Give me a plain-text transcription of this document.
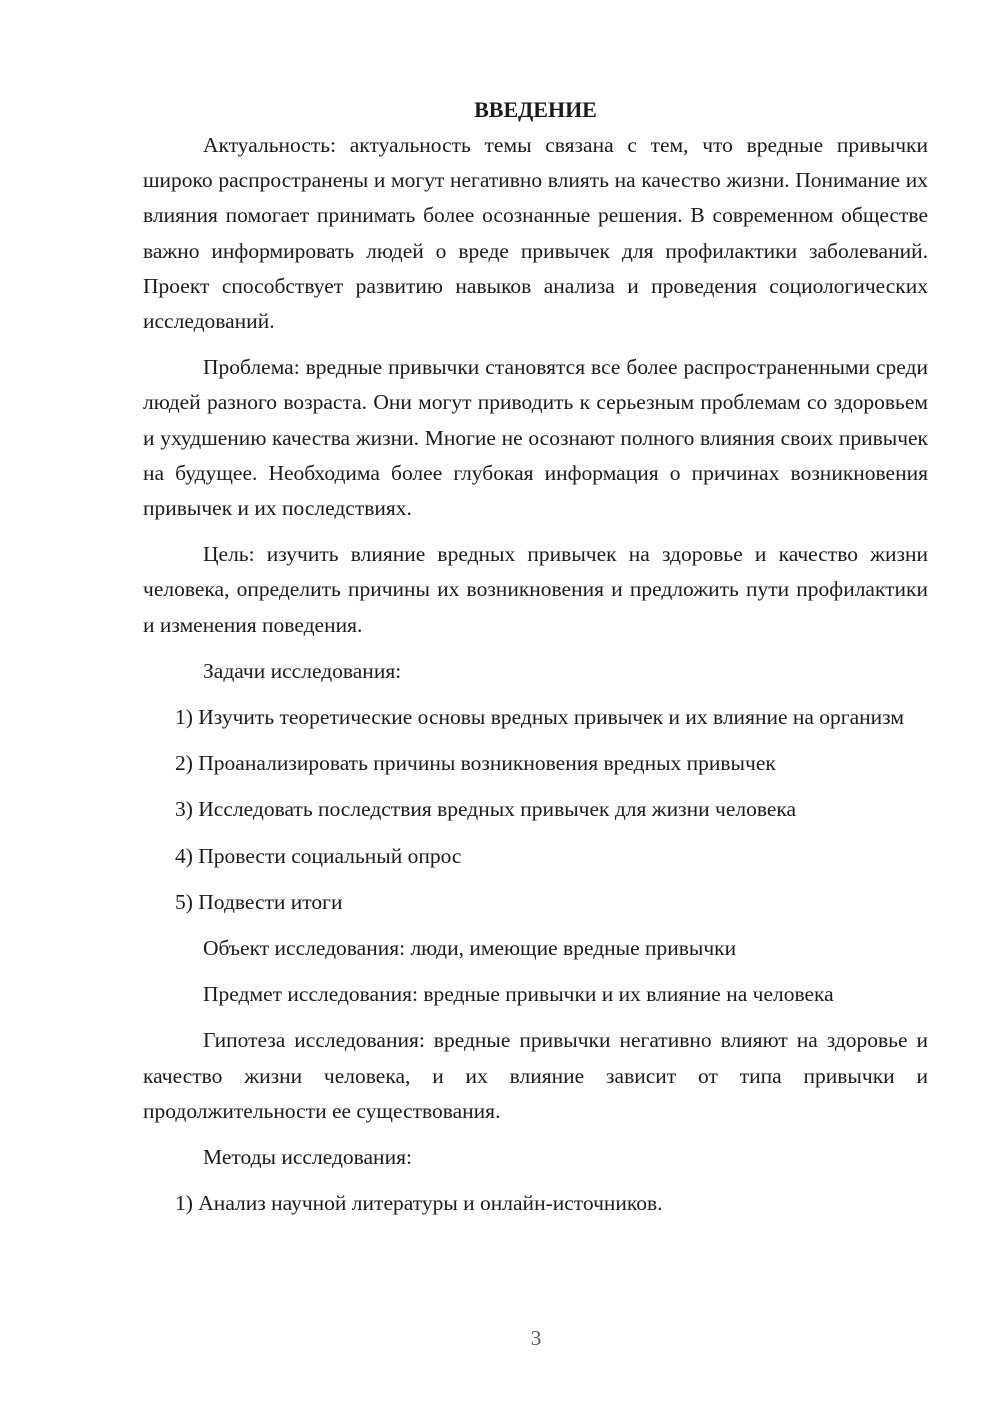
ВВЕДЕНИЕ

Актуальность: актуальность темы связана с тем, что вредные привычки широко распространены и могут негативно влиять на качество жизни. Понимание их влияния помогает принимать более осознанные решения. В современном обществе важно информировать людей о вреде привычек для профилактики заболеваний. Проект способствует развитию навыков анализа и проведения социологических исследований.

Проблема: вредные привычки становятся все более распространенными среди людей разного возраста. Они могут приводить к серьезным проблемам со здоровьем и ухудшению качества жизни. Многие не осознают полного влияния своих привычек на будущее. Необходима более глубокая информация о причинах возникновения привычек и их последствиях.

Цель: изучить влияние вредных привычек на здоровье и качество жизни человека, определить причины их возникновения и предложить пути профилактики и изменения поведения.

Задачи исследования:

1) Изучить теоретические основы вредных привычек и их влияние на организм

2) Проанализировать причины возникновения вредных привычек

3) Исследовать последствия вредных привычек для жизни человека

4) Провести социальный опрос

5) Подвести итоги

Объект исследования: люди, имеющие вредные привычки

Предмет исследования: вредные привычки и их влияние на человека

Гипотеза исследования: вредные привычки негативно влияют на здоровье и качество жизни человека, и их влияние зависит от типа привычки и продолжительности ее существования.

Методы исследования:

1) Анализ научной литературы и онлайн-источников.

3
